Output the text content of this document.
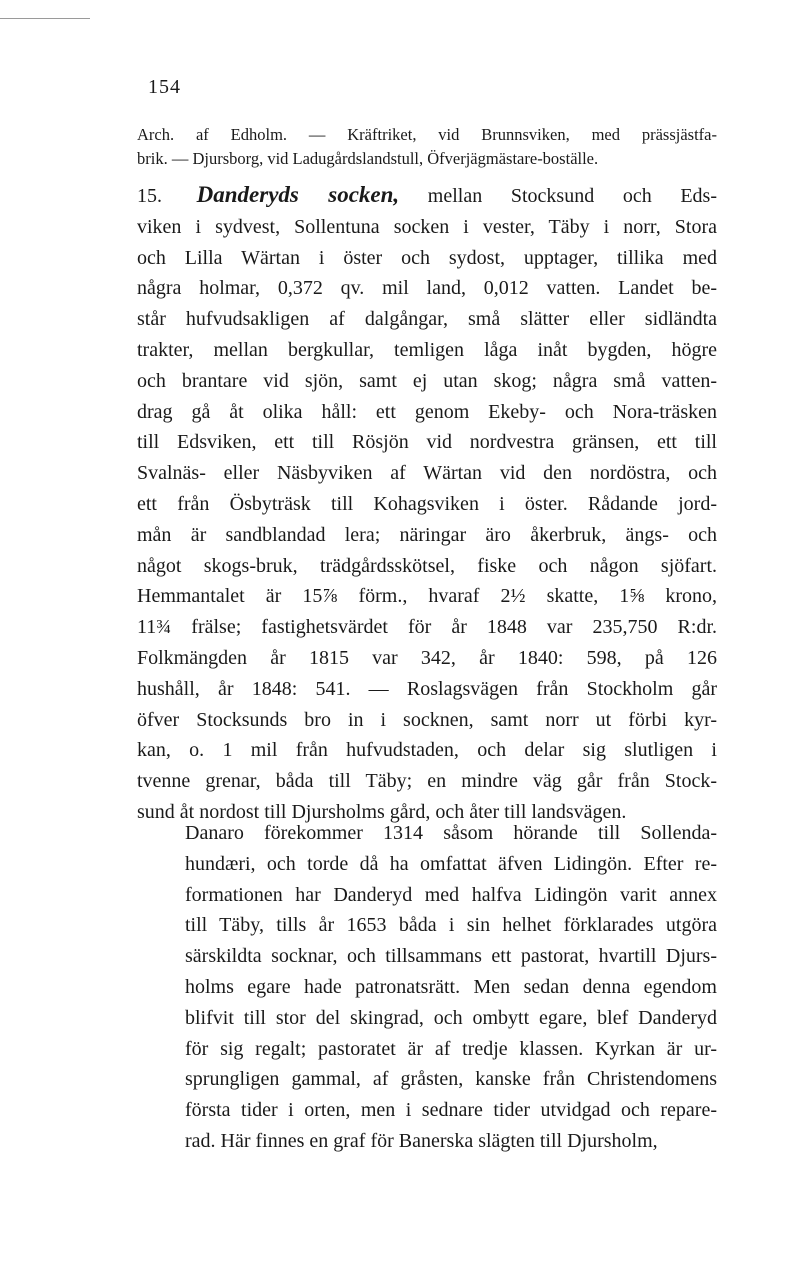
154
Arch. af Edholm. — Kräftriket, vid Brunnsviken, med prässjästfa-
brik. — Djursborg, vid Ladugårdslandstull, Öfverjägmästare-boställe.
15. Danderyds socken, mellan Stocksund och Eds-
viken i sydvest, Sollentuna socken i vester, Täby i norr, Stora
och Lilla Wärtan i öster och sydost, upptager, tillika med
några holmar, 0,372 qv. mil land, 0,012 vatten. Landet be-
står hufvudsakligen af dalgångar, små slätter eller sidländta
trakter, mellan bergkullar, temligen låga inåt bygden, högre
och brantare vid sjön, samt ej utan skog; några små vatten-
drag gå åt olika håll: ett genom Ekeby- och Nora-träsken
till Edsviken, ett till Rösjön vid nordvestra gränsen, ett till
Svalnäs- eller Näsbyviken af Wärtan vid den nordöstra, och
ett från Ösbyträsk till Kohagsviken i öster. Rådande jord-
mån är sandblandad lera; näringar äro åkerbruk, ängs- och
något skogs-bruk, trädgårdsskötsel, fiske och någon sjöfart.
Hemmantalet är 15⅞ förm., hvaraf 2½ skatte, 1⅝ krono,
11¾ frälse; fastighetsvärdet för år 1848 var 235,750 R:dr.
Folkmängden år 1815 var 342, år 1840: 598, på 126
hushåll, år 1848: 541. — Roslagsvägen från Stockholm går
öfver Stocksunds bro in i socknen, samt norr ut förbi kyr-
kan, o. 1 mil från hufvudstaden, och delar sig slutligen i
tvenne grenar, båda till Täby; en mindre väg går från Stock-
sund åt nordost till Djursholms gård, och åter till landsvägen.
Danaro förekommer 1314 såsom hörande till Sollenda-
hundæri, och torde då ha omfattat äfven Lidingön. Efter re-
formationen har Danderyd med halfva Lidingön varit annex
till Täby, tills år 1653 båda i sin helhet förklarades utgöra
särskildta socknar, och tillsammans ett pastorat, hvartill Djurs-
holms egare hade patronatsrätt. Men sedan denna egendom
blifvit till stor del skingrad, och ombytt egare, blef Danderyd
för sig regalt; pastoratet är af tredje klassen. Kyrkan är ur-
sprungligen gammal, af gråsten, kanske från Christendomens
första tider i orten, men i sednare tider utvidgad och repare-
rad. Här finnes en graf för Banerska slägten till Djursholm,
